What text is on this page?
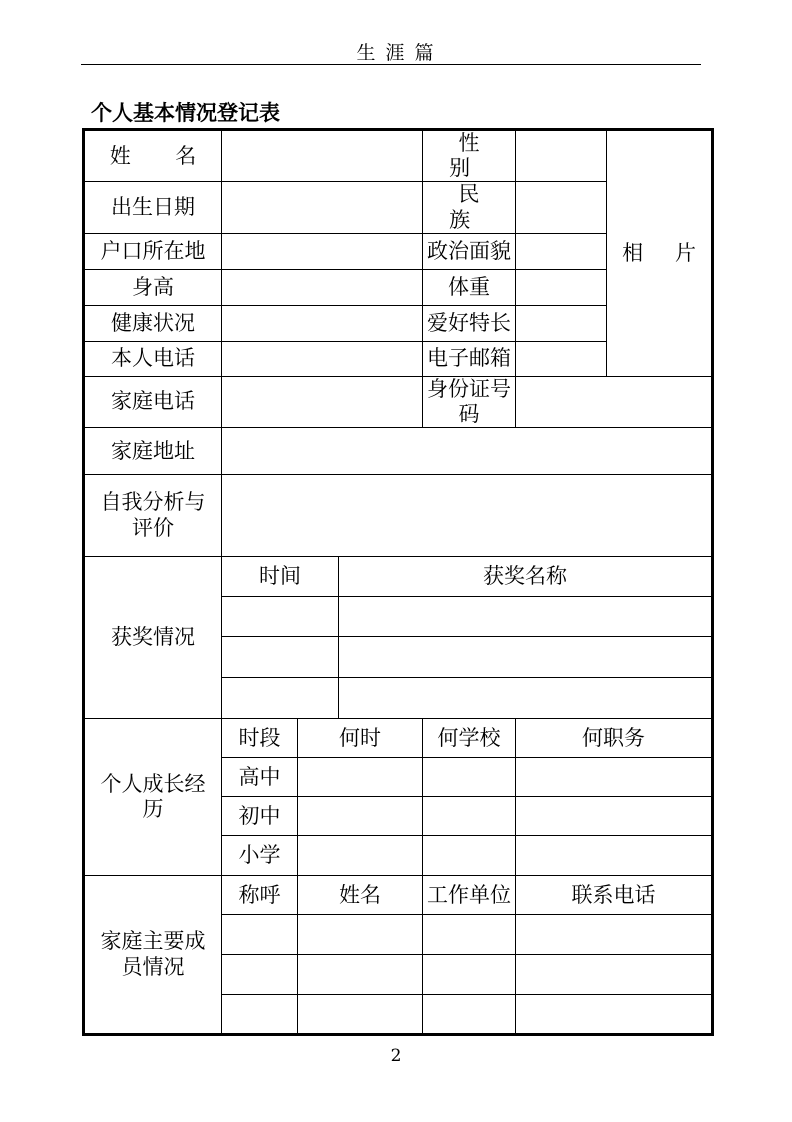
生 涯 篇
个人基本情况登记表
姓 名				性 别		相 片
出生日期				民 族		
户口所在地				政治面貌		
身高				体重		
健康状况				爱好特长		
本人电话				电子邮箱		
家庭电话				身份证号码		
家庭地址						
自我分析与评价						
获奖情况	时间		获奖名称			

个人成长经历	时段	何时		何学校	何职务	
	高中					
	初中					
	小学					
家庭主要成员情况	称呼	姓名		工作单位	联系电话	

2
